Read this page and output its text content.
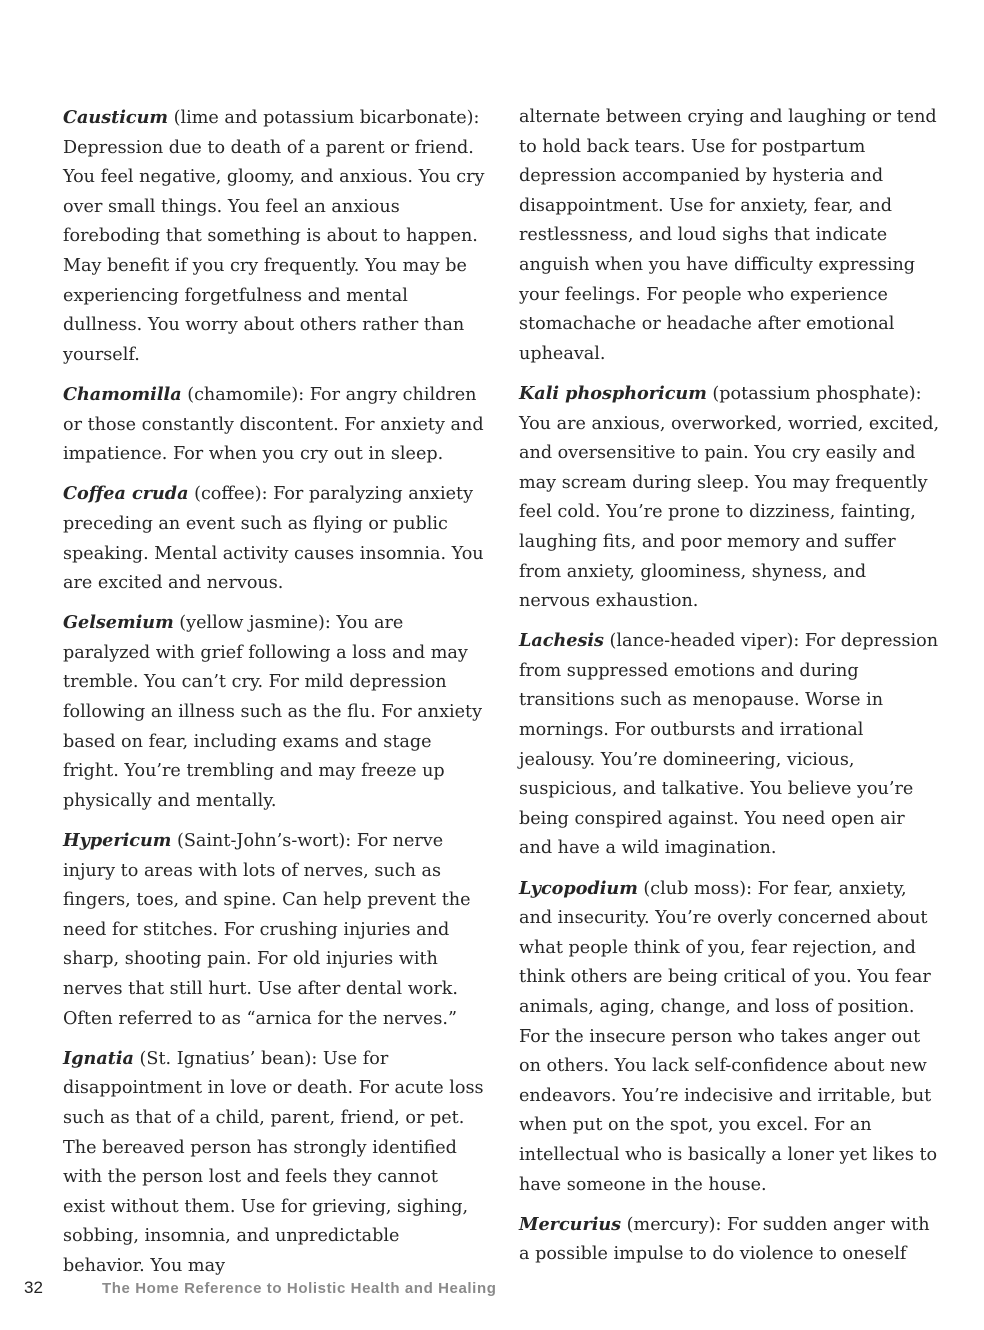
Causticum (lime and potassium bicarbonate): Depression due to death of a parent or friend. You feel negative, gloomy, and anxious. You cry over small things. You feel an anxious foreboding that something is about to happen. May benefit if you cry frequently. You may be experiencing forgetfulness and mental dullness. You worry about others rather than yourself.

Chamomilla (chamomile): For angry children or those constantly discontent. For anxiety and impatience. For when you cry out in sleep.

Coffea cruda (coffee): For paralyzing anxiety preceding an event such as flying or public speaking. Mental activity causes insomnia. You are excited and nervous.

Gelsemium (yellow jasmine): You are paralyzed with grief following a loss and may tremble. You can’t cry. For mild depression following an illness such as the flu. For anxiety based on fear, including exams and stage fright. You’re trembling and may freeze up physically and mentally.

Hypericum (Saint-John’s-wort): For nerve injury to areas with lots of nerves, such as fingers, toes, and spine. Can help prevent the need for stitches. For crushing injuries and sharp, shooting pain. For old injuries with nerves that still hurt. Use after dental work. Often referred to as “arnica for the nerves.”

Ignatia (St. Ignatius’ bean): Use for disappointment in love or death. For acute loss such as that of a child, parent, friend, or pet. The bereaved person has strongly identified with the person lost and feels they cannot exist without them. Use for grieving, sighing, sobbing, insomnia, and unpredictable behavior. You may

alternate between crying and laughing or tend to hold back tears. Use for postpartum depression accompanied by hysteria and disappointment. Use for anxiety, fear, and restlessness, and loud sighs that indicate anguish when you have difficulty expressing your feelings. For people who experience stomachache or headache after emotional upheaval.

Kali phosphoricum (potassium phosphate): You are anxious, overworked, worried, excited, and oversensitive to pain. You cry easily and may scream during sleep. You may frequently feel cold. You’re prone to dizziness, fainting, laughing fits, and poor memory and suffer from anxiety, gloominess, shyness, and nervous exhaustion.

Lachesis (lance-headed viper): For depression from suppressed emotions and during transitions such as menopause. Worse in mornings. For outbursts and irrational jealousy. You’re domineering, vicious, suspicious, and talkative. You believe you’re being conspired against. You need open air and have a wild imagination.

Lycopodium (club moss): For fear, anxiety, and insecurity. You’re overly concerned about what people think of you, fear rejection, and think others are being critical of you. You fear animals, aging, change, and loss of position. For the insecure person who takes anger out on others. You lack self-confidence about new endeavors. You’re indecisive and irritable, but when put on the spot, you excel. For an intellectual who is basically a loner yet likes to have someone in the house.

Mercurius (mercury): For sudden anger with a possible impulse to do violence to oneself

32	The Home Reference to Holistic Health and Healing
